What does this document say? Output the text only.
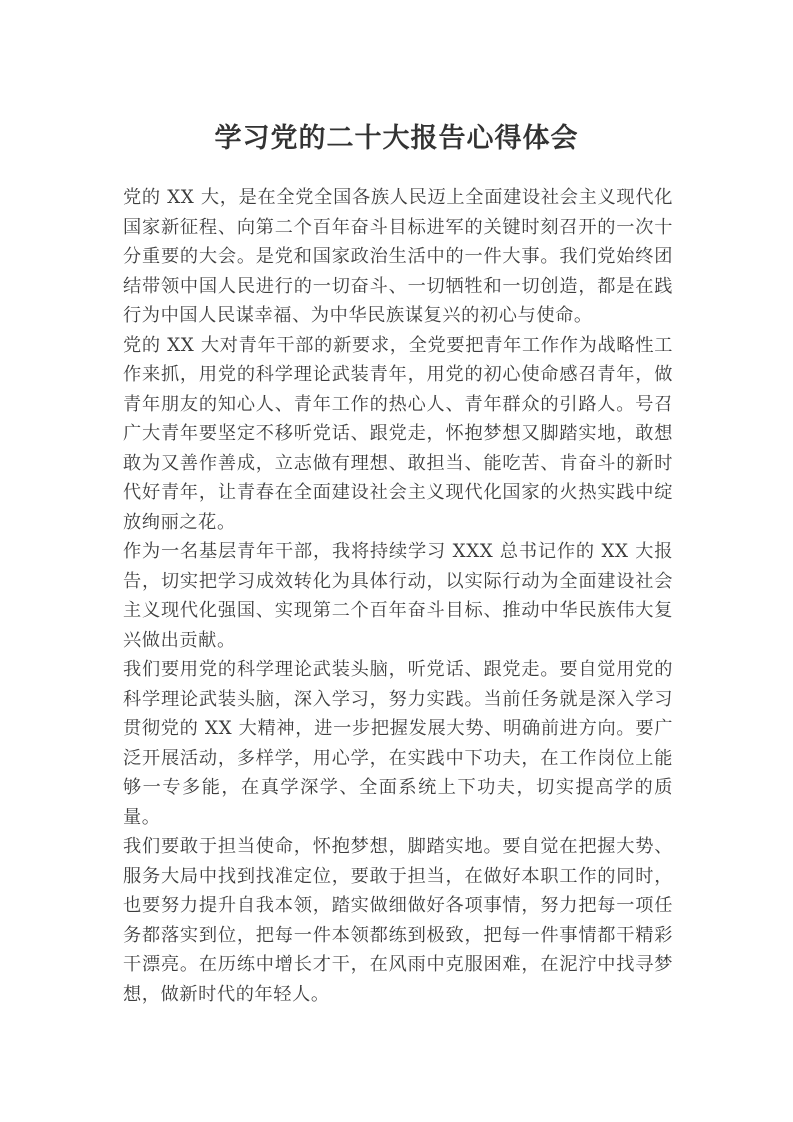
学习党的二十大报告心得体会

党的 XX 大，是在全党全国各族人民迈上全面建设社会主义现代化国家新征程、向第二个百年奋斗目标进军的关键时刻召开的一次十分重要的大会。是党和国家政治生活中的一件大事。我们党始终团结带领中国人民进行的一切奋斗、一切牺牲和一切创造，都是在践行为中国人民谋幸福、为中华民族谋复兴的初心与使命。

党的 XX 大对青年干部的新要求，全党要把青年工作作为战略性工作来抓，用党的科学理论武装青年，用党的初心使命感召青年，做青年朋友的知心人、青年工作的热心人、青年群众的引路人。号召广大青年要坚定不移听党话、跟党走，怀抱梦想又脚踏实地，敢想敢为又善作善成，立志做有理想、敢担当、能吃苦、肯奋斗的新时代好青年，让青春在全面建设社会主义现代化国家的火热实践中绽放绚丽之花。

作为一名基层青年干部，我将持续学习 XXX 总书记作的 XX 大报告，切实把学习成效转化为具体行动，以实际行动为全面建设社会主义现代化强国、实现第二个百年奋斗目标、推动中华民族伟大复兴做出贡献。

我们要用党的科学理论武装头脑，听党话、跟党走。要自觉用党的科学理论武装头脑，深入学习，努力实践。当前任务就是深入学习贯彻党的 XX 大精神，进一步把握发展大势、明确前进方向。要广泛开展活动，多样学，用心学，在实践中下功夫，在工作岗位上能够一专多能，在真学深学、全面系统上下功夫，切实提高学的质量。

我们要敢于担当使命，怀抱梦想，脚踏实地。要自觉在把握大势、服务大局中找到找准定位，要敢于担当，在做好本职工作的同时，也要努力提升自我本领，踏实做细做好各项事情，努力把每一项任务都落实到位，把每一件本领都练到极致，把每一件事情都干精彩干漂亮。在历练中增长才干，在风雨中克服困难，在泥泞中找寻梦想，做新时代的年轻人。
